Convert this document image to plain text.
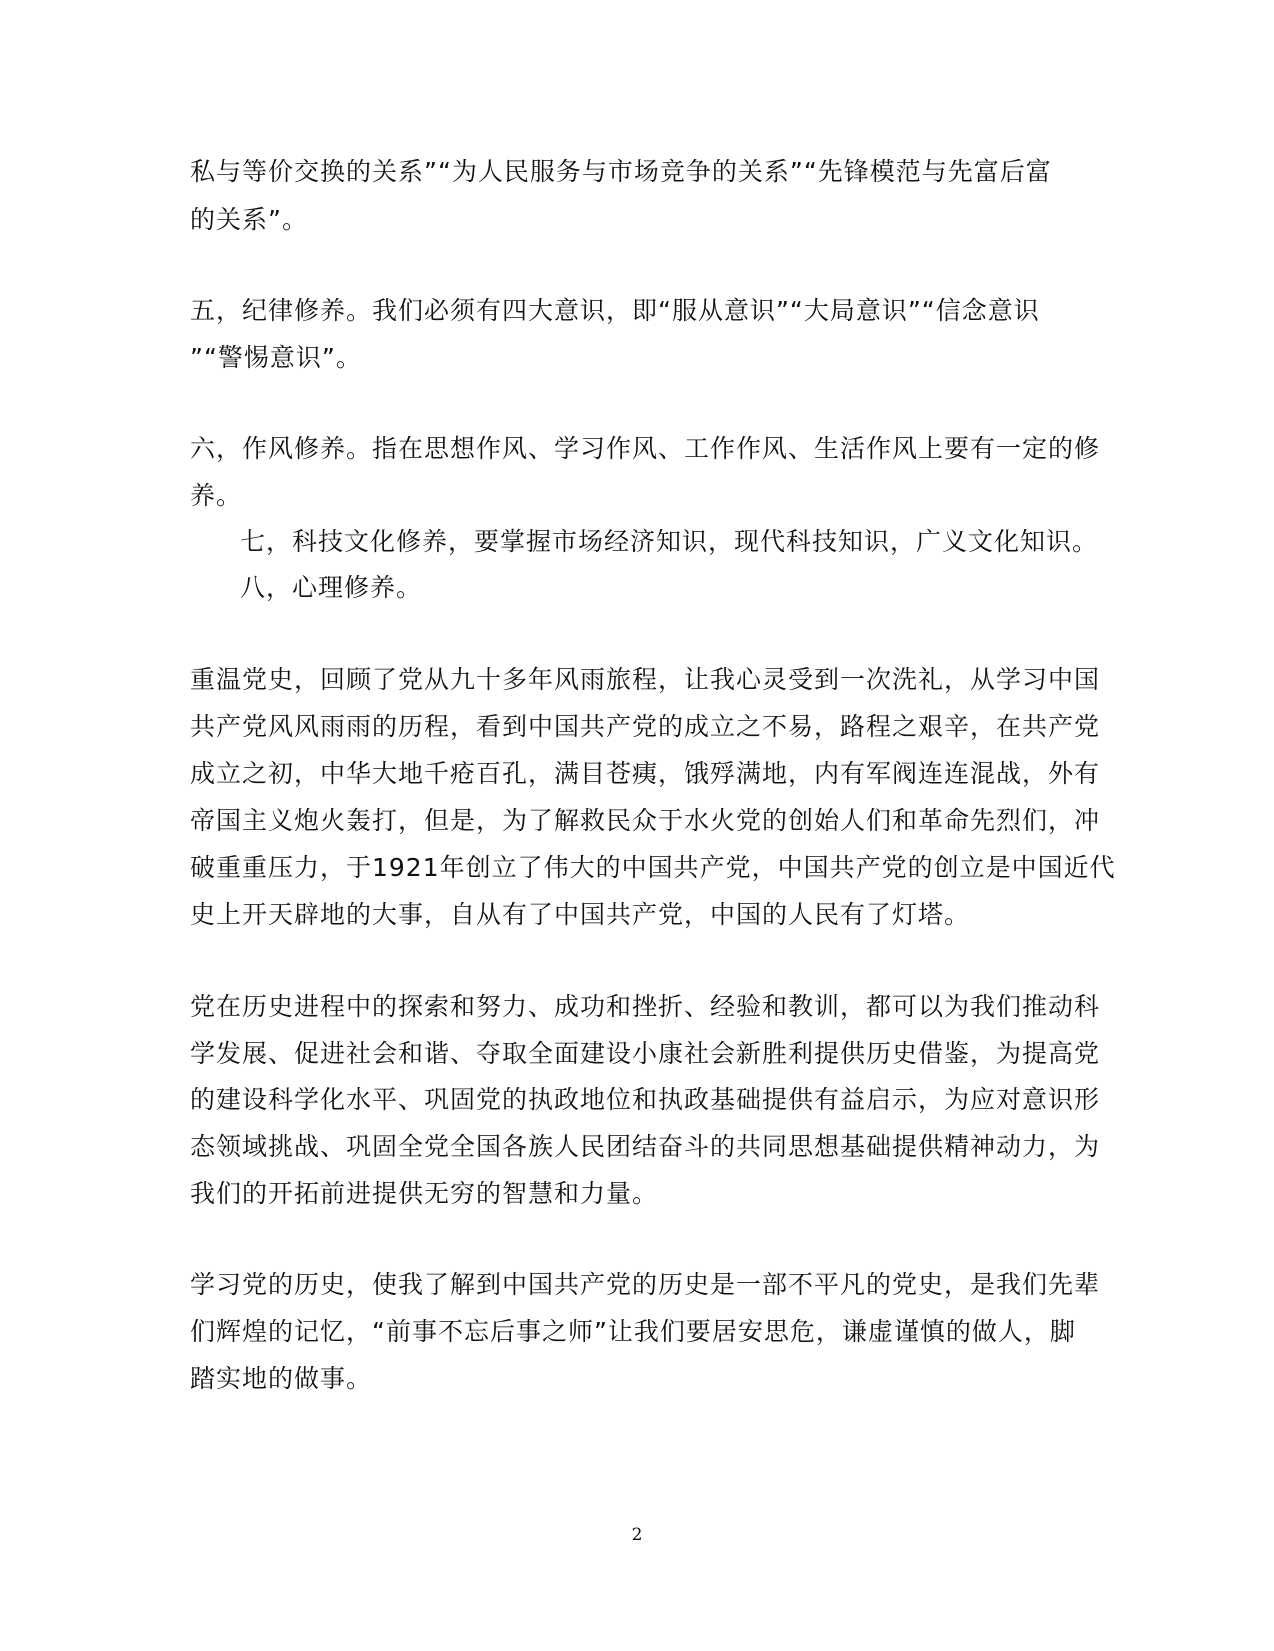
私与等价交换的关系”“为人民服务与市场竞争的关系”“先锋模范与先富后富
的关系”。
五，纪律修养。我们必须有四大意识，即“服从意识”“大局意识”“信念意识
”“警惕意识”。
六，作风修养。指在思想作风、学习作风、工作作风、生活作风上要有一定的修
养。
七，科技文化修养，要掌握市场经济知识，现代科技知识，广义文化知识。
八，心理修养。
重温党史，回顾了党从九十多年风雨旅程，让我心灵受到一次洗礼，从学习中国
共产党风风雨雨的历程，看到中国共产党的成立之不易，路程之艰辛，在共产党
成立之初，中华大地千疮百孔，满目苍痍，饿殍满地，内有军阀连连混战，外有
帝国主义炮火轰打，但是，为了解救民众于水火党的创始人们和革命先烈们，冲
破重重压力，于1921年创立了伟大的中国共产党，中国共产党的创立是中国近代
史上开天辟地的大事，自从有了中国共产党，中国的人民有了灯塔。
党在历史进程中的探索和努力、成功和挫折、经验和教训，都可以为我们推动科
学发展、促进社会和谐、夺取全面建设小康社会新胜利提供历史借鉴，为提高党
的建设科学化水平、巩固党的执政地位和执政基础提供有益启示，为应对意识形
态领域挑战、巩固全党全国各族人民团结奋斗的共同思想基础提供精神动力，为
我们的开拓前进提供无穷的智慧和力量。
学习党的历史，使我了解到中国共产党的历史是一部不平凡的党史，是我们先辈
们辉煌的记忆，“前事不忘后事之师”让我们要居安思危，谦虚谨慎的做人，脚
踏实地的做事。
2
